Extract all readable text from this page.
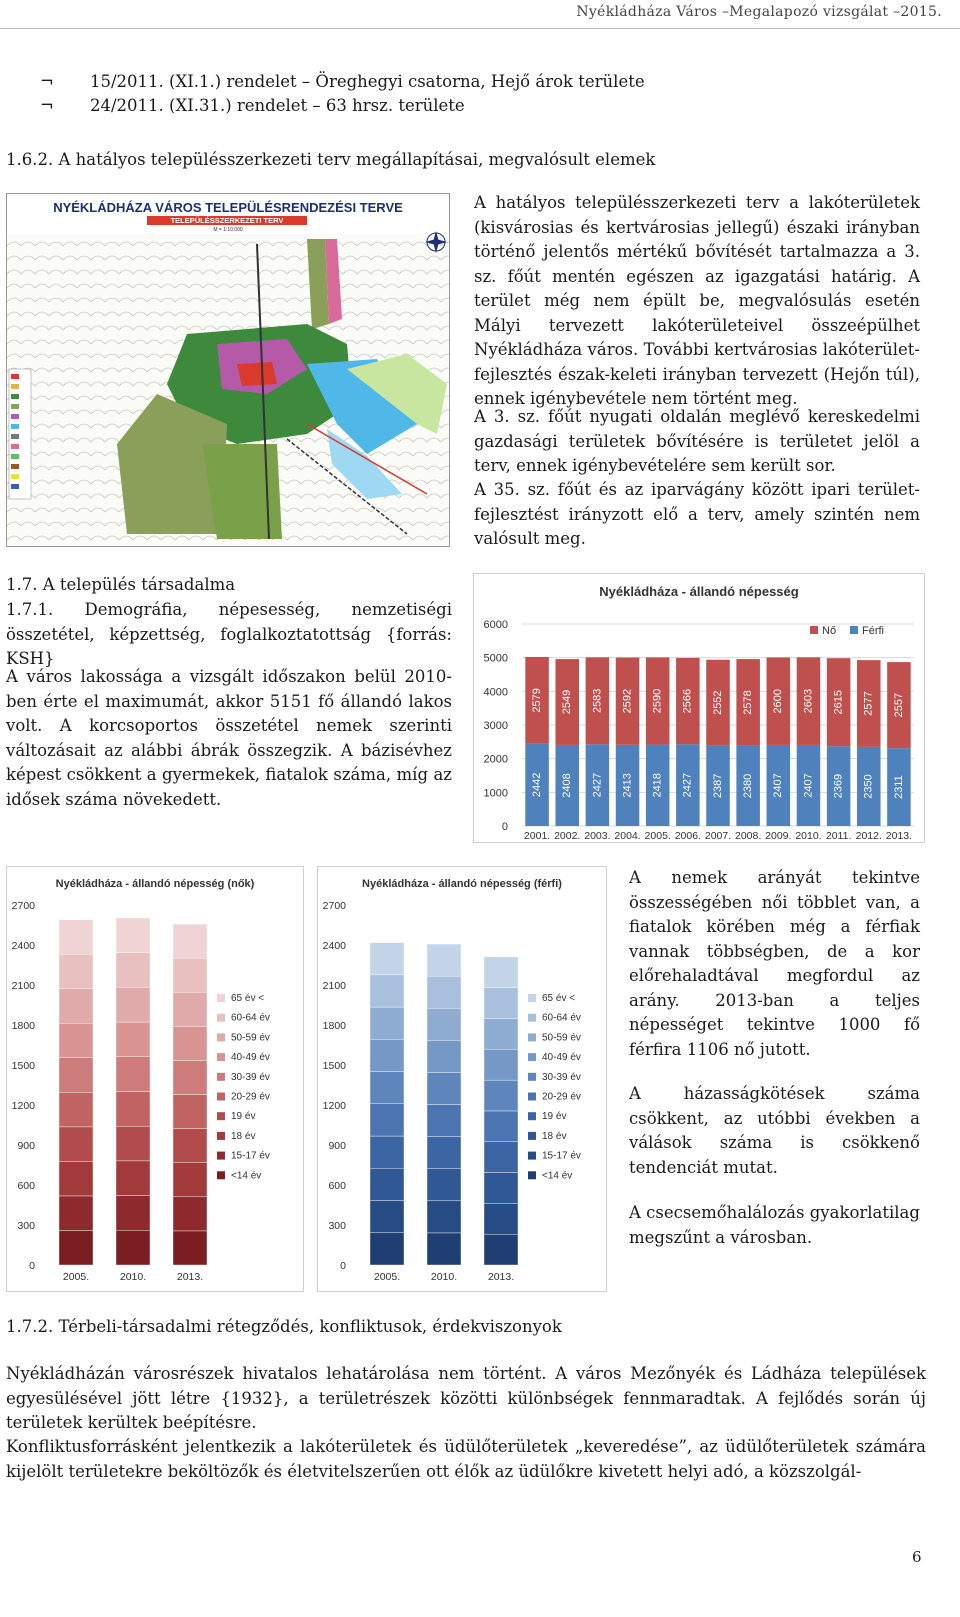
Nyékládháza Város –Megalapozó vizsgálat –2015.
¬ 15/2011. (XI.1.) rendelet – Öreghegyi csatorna, Hejő árok területe
¬ 24/2011. (XI.31.) rendelet – 63 hrsz. területe
1.6.2. A hatályos településszerkezeti terv megállapításai, megvalósult elemek
NYÉKLÁDHÁZA VÁROS TELEPÜLÉSRENDEZÉSI TERVE
TELEPÜLÉSSZERKEZETI TERV
M = 1:10.000
A hatályos településszerkezeti terv a lakóterületek (kisvárosias és kertvárosias jellegű) északi irányban történő jelentős mértékű bővítését tartalmazza a 3. sz. főút mentén egészen az igazgatási határig. A terület még nem épült be, megvalósulás esetén Mályi tervezett lakóterületeivel összeépülhet Nyékládháza város. További kertvárosias lakóterület-fejlesztés észak-keleti irányban tervezett (Hejőn túl), ennek igénybevétele nem történt meg.
A 3. sz. főút nyugati oldalán meglévő kereskedelmi gazdasági területek bővítésére is területet jelöl a terv, ennek igénybevételére sem került sor.
A 35. sz. főút és az iparvágány között ipari terület-fejlesztést irányzott elő a terv, amely szintén nem valósult meg.
1.7. A település társadalma
1.7.1. Demográfia, népesesség, nemzetiségi összetétel, képzettség, foglalkoztatottság {forrás: KSH}
A város lakossága a vizsgált időszakon belül 2010-ben érte el maximumát, akkor 5151 fő állandó lakos volt. A korcsoportos összetétel nemek szerinti változásait az alábbi ábrák összegzik. A bázisévhez képest csökkent a gyermekek, fiatalok száma, míg az idősek száma növekedett.
Nyékládháza - állandó népesség
0
1000
2000
3000
4000
5000
6000
2442
2579
2001.
2408
2549
2002.
2427
2583
2003.
2413
2592
2004.
2418
2590
2005.
2427
2566
2006.
2387
2552
2007.
2380
2578
2008.
2407
2600
2009.
2407
2603
2010.
2369
2615
2011.
2350
2577
2012.
2311
2557
2013.
Nő Férfi
Nyékládháza - állandó népesség (nők)
0
300
600
900
1200
1500
1800
2100
2400
2700
2005.	2010.	2013.
65 év <
60-64 év
50-59 év
40-49 év
30-39 év
20-29 év
19 év
18 év
15-17 év
<14 év
Nyékládháza - állandó népesség (férfi)
0
300
600
900
1200
1500
1800
2100
2400
2700
2005.	2010.	2013.
65 év <
60-64 év
50-59 év
40-49 év
30-39 év
20-29 év
19 év
18 év
15-17 év
<14 év
A nemek arányát tekintve összességében női többlet van, a fiatalok körében még a férfiak vannak többségben, de a kor előrehaladtával megfordul az arány. 2013-ban a teljes népességet tekintve 1000 fő férfira 1106 nő jutott.
A házasságkötések száma csökkent, az utóbbi években a válások száma is csökkenő tendenciát mutat.
A csecsemőhalálozás gyakorlatilag megszűnt a városban.
1.7.2. Térbeli-társadalmi rétegződés, konfliktusok, érdekviszonyok
Nyékládházán városrészek hivatalos lehatárolása nem történt. A város Mezőnyék és Ládháza települések egyesülésével jött létre {1932}, a területrészek közötti különbségek fennmaradtak. A fejlődés során új területek kerültek beépítésre.
Konfliktusforrásként jelentkezik a lakóterületek és üdülőterületek „keveredése”, az üdülőterületek számára kijelölt területekre beköltözők és életvitelszerűen ott élők az üdülőkre kivetett helyi adó, a közszolgál-
6
